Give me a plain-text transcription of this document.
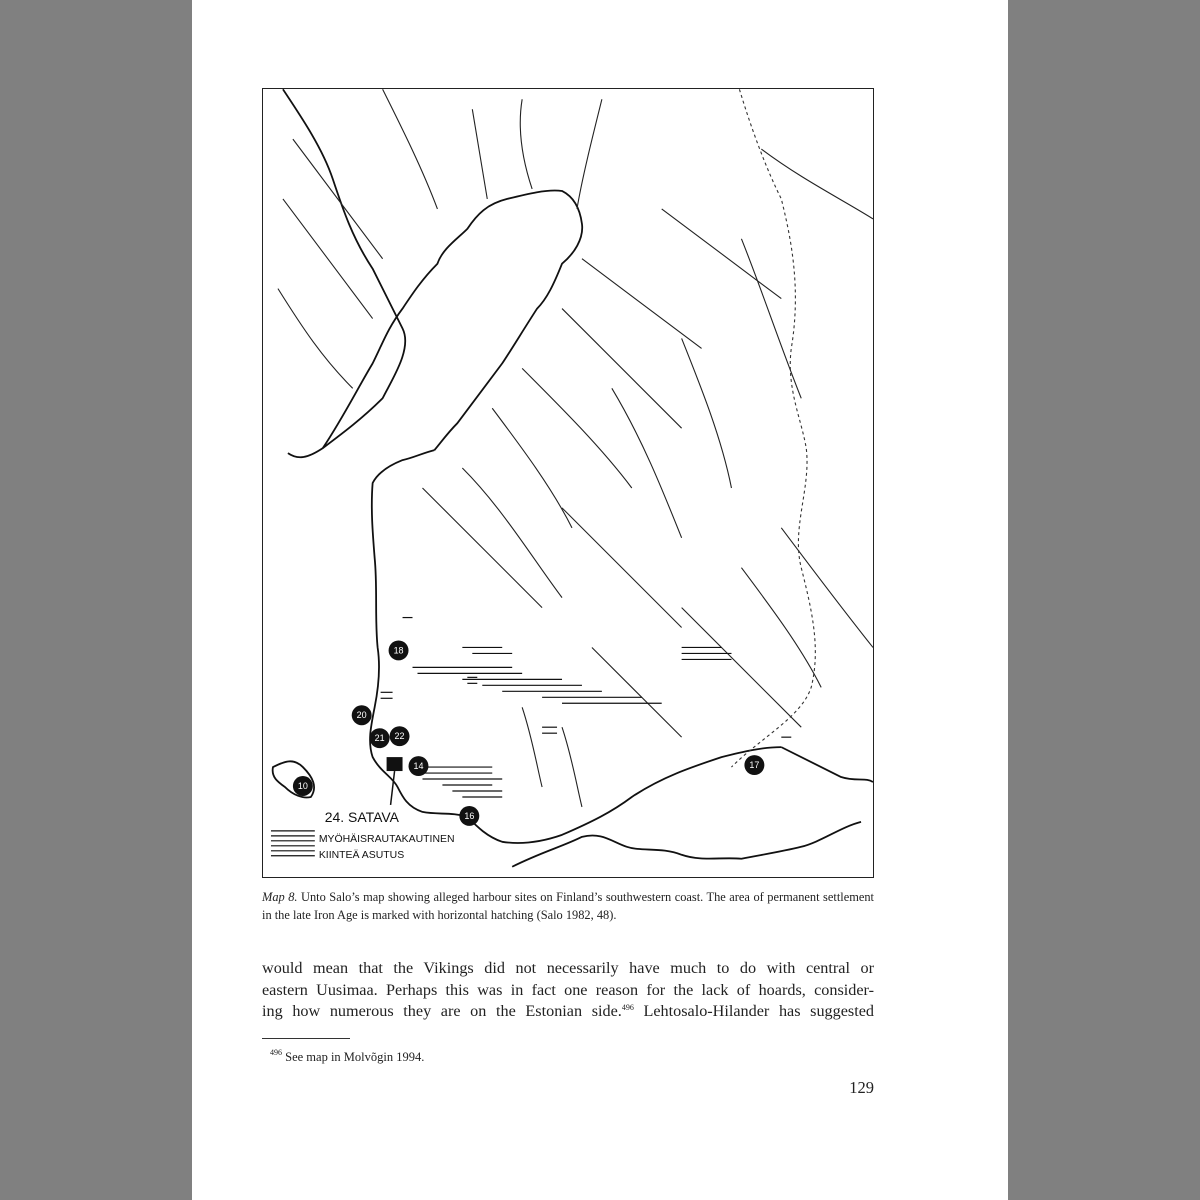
18
20
21 22
14
10
16
17
24. SATAVA
MYÖHÄISRAUTAKAUTINEN
KIINTEÄ ASUTUS
Map 8. Unto Salo’s map showing alleged harbour sites on Finland’s southwestern coast. The area of permanent settlement in the late Iron Age is marked with horizontal hatching (Salo 1982, 48).
would mean that the Vikings did not necessarily have much to do with central or
eastern Uusimaa. Perhaps this was in fact one reason for the lack of hoards, consider-
ing how numerous they are on the Estonian side.$^{496}$ Lehtosalo-Hilander has suggested
$^{496}$ See map in Molvõgin 1994.
129
